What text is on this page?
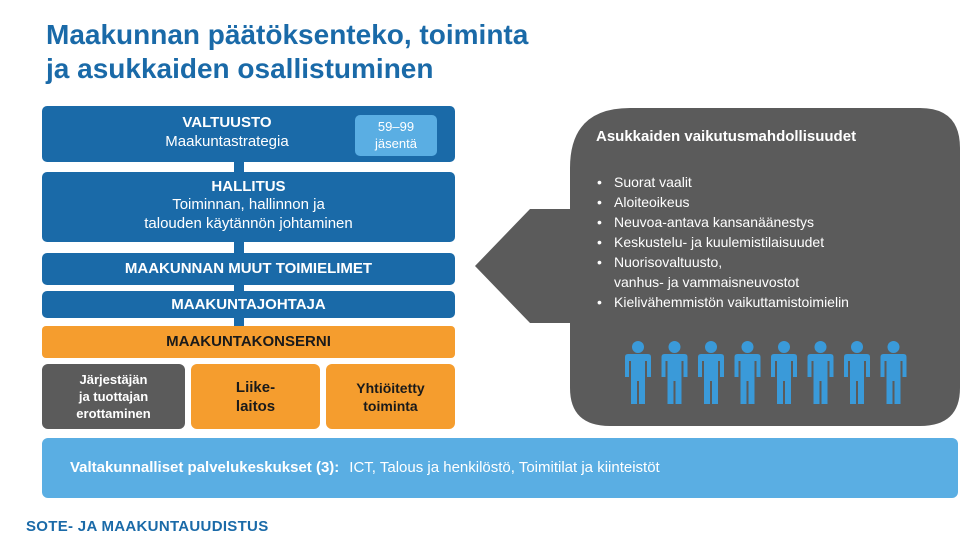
Maakunnan päätöksenteko, toiminta
ja asukkaiden osallistuminen
VALTUUSTO
Maakuntastrategia
59–99
jäsentä
HALLITUS
Toiminnan, hallinnon ja
talouden käytännön johtaminen
MAAKUNNAN MUUT TOIMIELIMET
MAAKUNTAJOHTAJA
MAAKUNTAKONSERNI
Järjestäjän
ja tuottajan
erottaminen
Liike-
laitos
Yhtiöitetty
toiminta
Asukkaiden vaikutusmahdollisuudet
• Suorat vaalit
• Aloiteoikeus
• Neuvoa-antava kansanäänestys
• Keskustelu- ja kuulemistilaisuudet
• Nuorisovaltuusto,
vanhus- ja vammaisneuvostot
• Kielivähemmistön vaikuttamistoimielin
Valtakunnalliset palvelukeskukset (3): ICT, Talous ja henkilöstö, Toimitilat ja kiinteistöt
SOTE- JA MAAKUNTAUUDISTUS
